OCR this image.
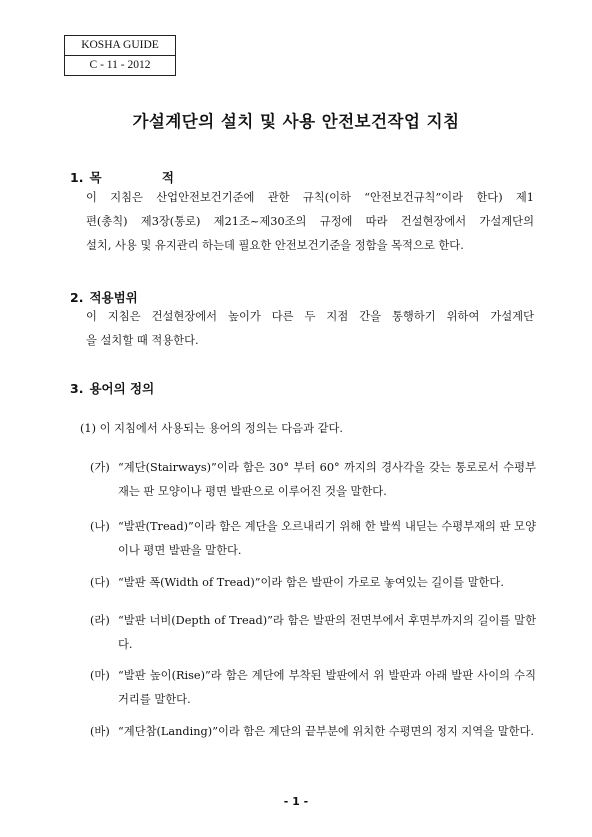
KOSHA GUIDE
C - 11 - 2012
가설계단의 설치 및 사용 안전보건작업 지침
1. 목 적
이 지침은 산업안전보건기준에 관한 규칙(이하 “안전보건규칙”이라 한다) 제1
편(총칙) 제3장(통로) 제21조~제30조의 규정에 따라 건설현장에서 가설계단의
설치, 사용 및 유지관리 하는데 필요한 안전보건기준을 정함을 목적으로 한다.
2. 적용범위
이 지침은 건설현장에서 높이가 다른 두 지점 간을 통행하기 위하여 가설계단
을 설치할 때 적용한다.
3. 용어의 정의
(1) 이 지침에서 사용되는 용어의 정의는 다음과 같다.
(가) “계단(Stairways)”이라 함은 30° 부터 60° 까지의 경사각을 갖는 통로로서 수평부재는 판 모양이나 평면 발판으로 이루어진 것을 말한다.
(나) “발판(Tread)”이라 함은 계단을 오르내리기 위해 한 발씩 내딛는 수평부재의 판 모양이나 평면 발판을 말한다.
(다) “발판 폭(Width of Tread)”이라 함은 발판이 가로로 놓여있는 길이를 말한다.
(라) “발판 너비(Depth of Tread)”라 함은 발판의 전면부에서 후면부까지의 길이를 말한다.
(마) “발판 높이(Rise)”라 함은 계단에 부착된 발판에서 위 발판과 아래 발판 사이의 수직 거리를 말한다.
(바) “계단참(Landing)”이라 함은 계단의 끝부분에 위치한 수평면의 정지 지역을 말한다.
- 1 -
